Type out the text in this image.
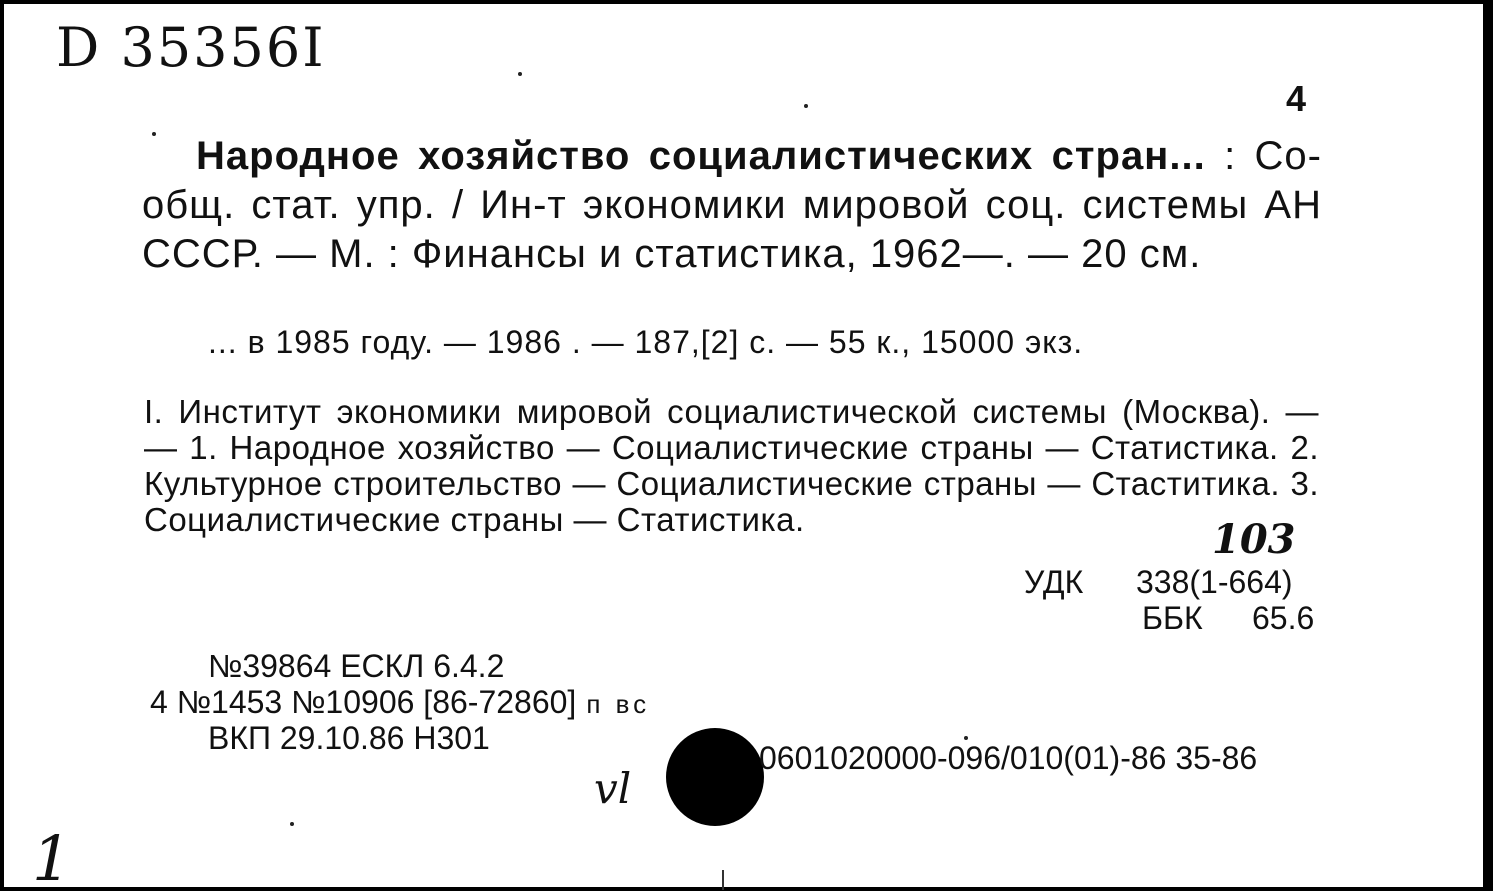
D 35356I
4
Народное хозяйство социалистических стран... : Со-общ. стат. упр. / Ин-т экономики мировой соц. системы АН СССР. — М. : Финансы и статистика, 1962—. — 20 см.
... в 1985 году. — 1986 . — 187,[2] с. — 55 к., 15000 экз.
I. Институт экономики мировой социалистической системы (Москва). — — 1. Народное хозяйство — Социалистические страны — Статистика. 2. Культурное строительство — Социалистические страны — Стаститика. 3. Социалистические страны — Статистика.	103
УДК 338(1-664)
ББК 65.6
№39864 ЕСКЛ 6.4.2
4 №1453 №10906 [86-72860] п вс
ВКП 29.10.86 Н301
vl
0601020000-096/010(01)-86 35-86
1
